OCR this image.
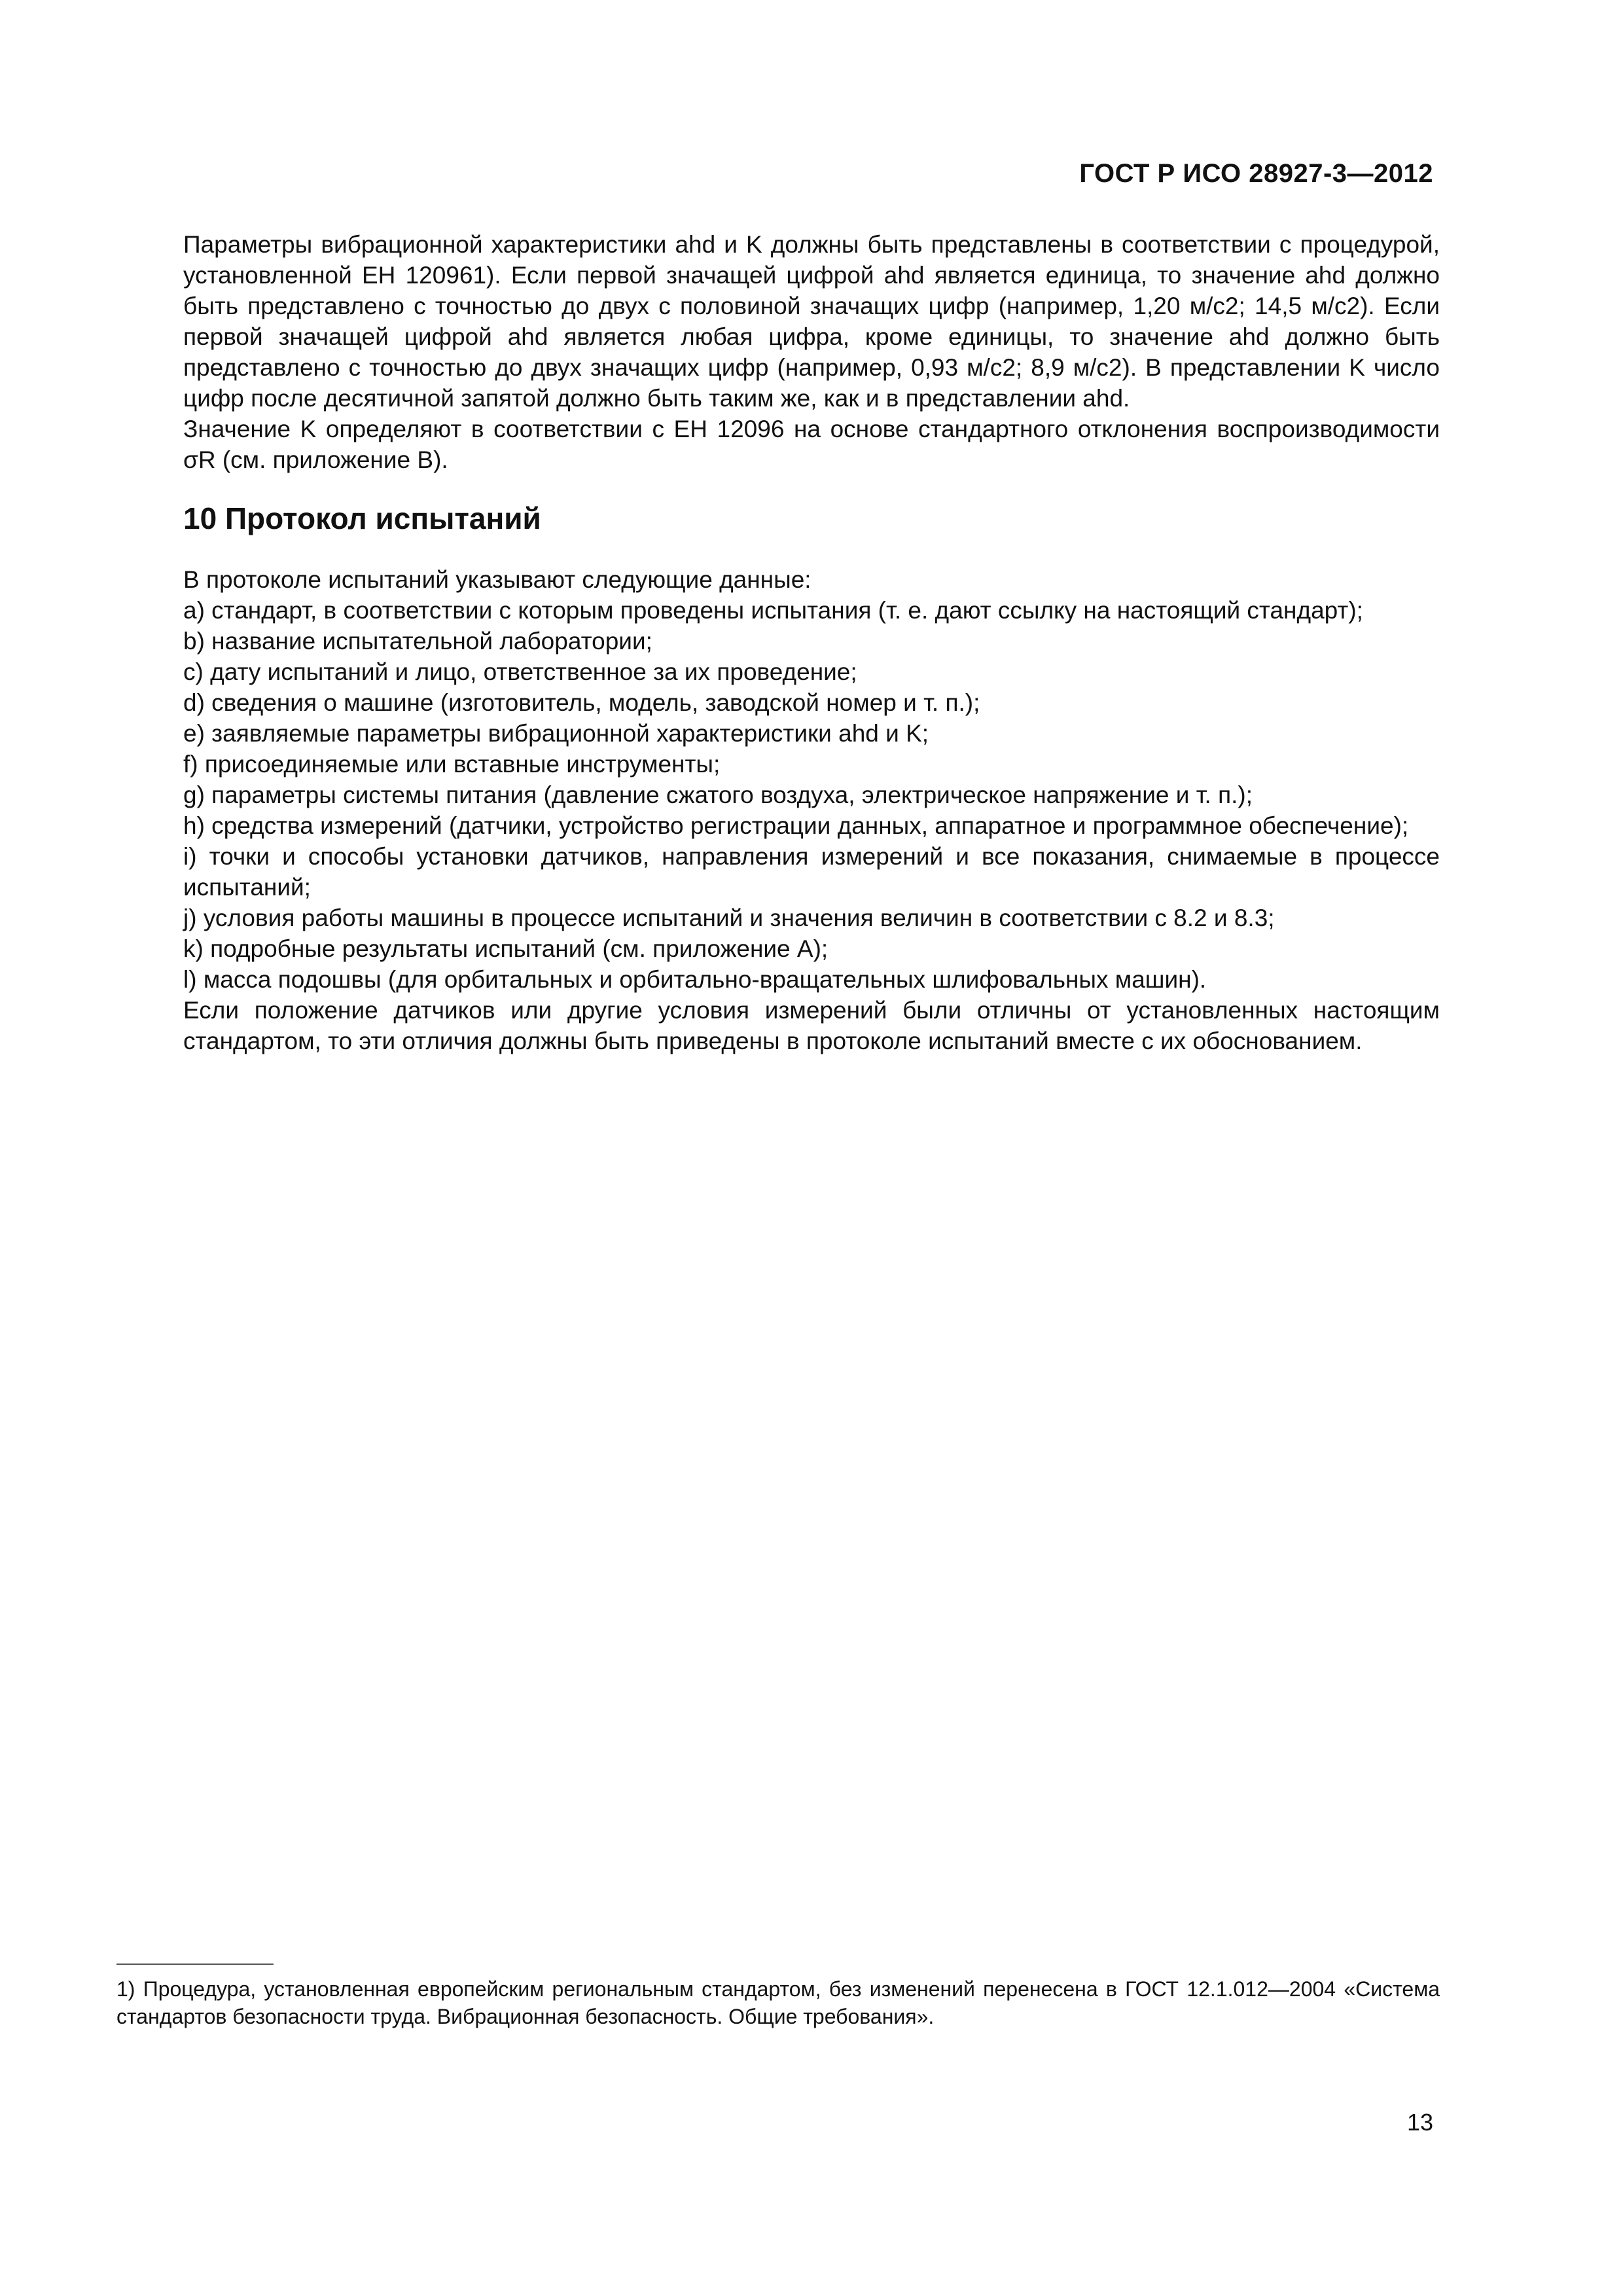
ГОСТ Р ИСО 28927-3—2012

Параметры вибрационной характеристики ahd и K должны быть представлены в соответствии с процедурой, установленной ЕН 120961). Если первой значащей цифрой ahd является единица, то значение ahd должно быть представлено с точностью до двух с половиной значащих цифр (например, 1,20 м/с2; 14,5 м/с2). Если первой значащей цифрой ahd является любая цифра, кроме единицы, то значение ahd должно быть представлено с точностью до двух значащих цифр (например, 0,93 м/с2; 8,9 м/с2). В представлении K число цифр после десятичной запятой должно быть таким же, как и в представлении ahd.

Значение K определяют в соответствии с ЕН 12096 на основе стандартного отклонения воспроизводимости σR (см. приложение В).

10 Протокол испытаний

В протоколе испытаний указывают следующие данные:

a) стандарт, в соответствии с которым проведены испытания (т. е. дают ссылку на настоящий стандарт);

b) название испытательной лаборатории;

c) дату испытаний и лицо, ответственное за их проведение;

d) сведения о машине (изготовитель, модель, заводской номер и т. п.);

e) заявляемые параметры вибрационной характеристики ahd и K;

f) присоединяемые или вставные инструменты;

g) параметры системы питания (давление сжатого воздуха, электрическое напряжение и т. п.);

h) средства измерений (датчики, устройство регистрации данных, аппаратное и программное обеспечение);

i) точки и способы установки датчиков, направления измерений и все показания, снимаемые в процессе испытаний;

j) условия работы машины в процессе испытаний и значения величин в соответствии с 8.2 и 8.3;

k) подробные результаты испытаний (см. приложение А);

l) масса подошвы (для орбитальных и орбитально-вращательных шлифовальных машин).

Если положение датчиков или другие условия измерений были отличны от установленных настоящим стандартом, то эти отличия должны быть приведены в протоколе испытаний вместе с их обоснованием.

1) Процедура, установленная европейским региональным стандартом, без изменений перенесена в ГОСТ 12.1.012—2004 «Система стандартов безопасности труда. Вибрационная безопасность. Общие требования».
13
